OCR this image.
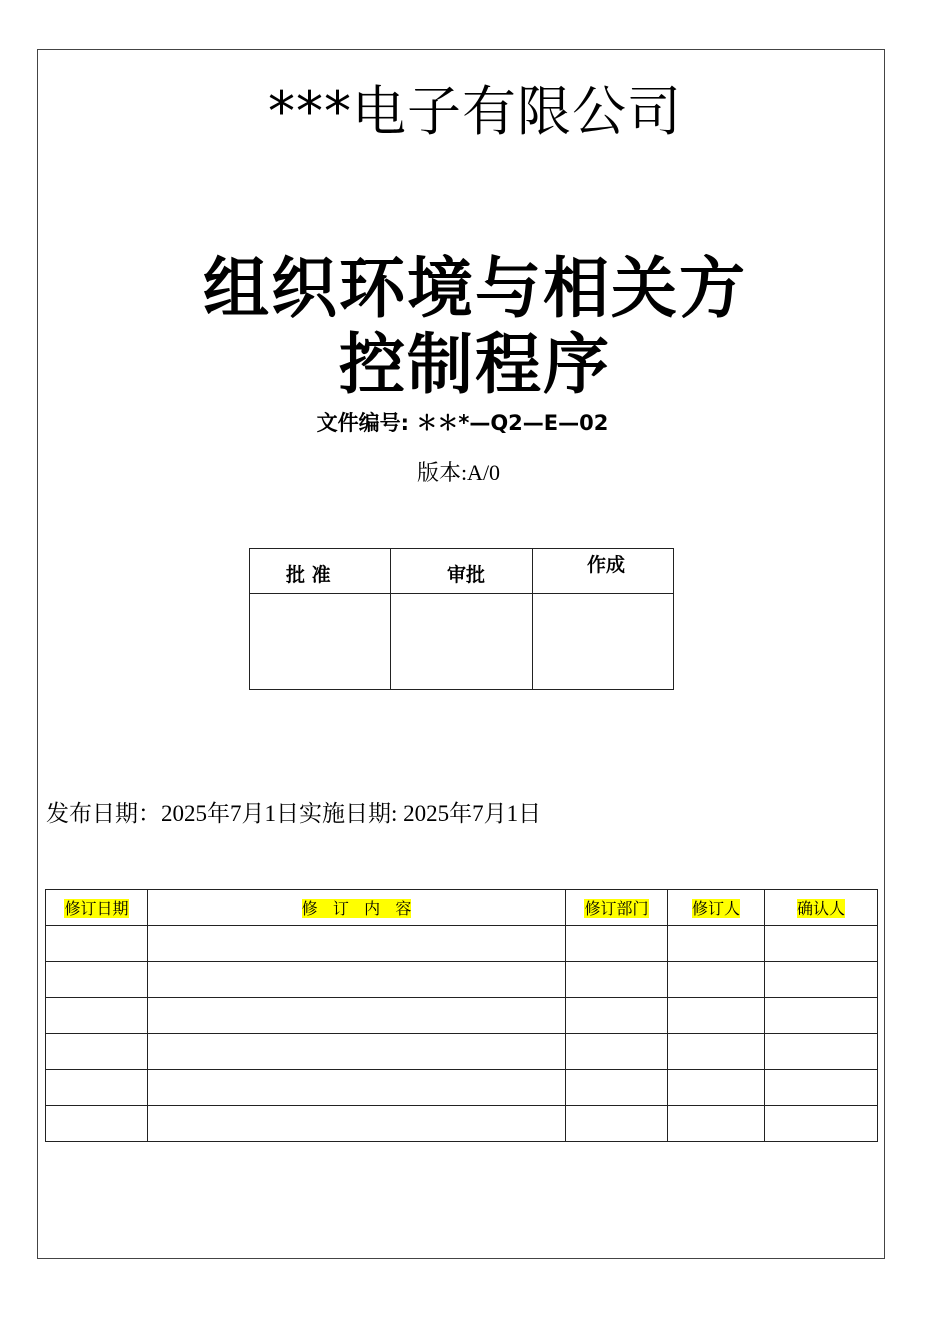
***电子有限公司
组织环境与相关方
控制程序
文件编号: ＊＊*—Q2—E—02
版本:A/0
批 准	审批	作成

发布日期：2025年7月1日实施日期: 2025年7月1日
修订日期	修   订   内   容	修订部门	修订人	确认人
